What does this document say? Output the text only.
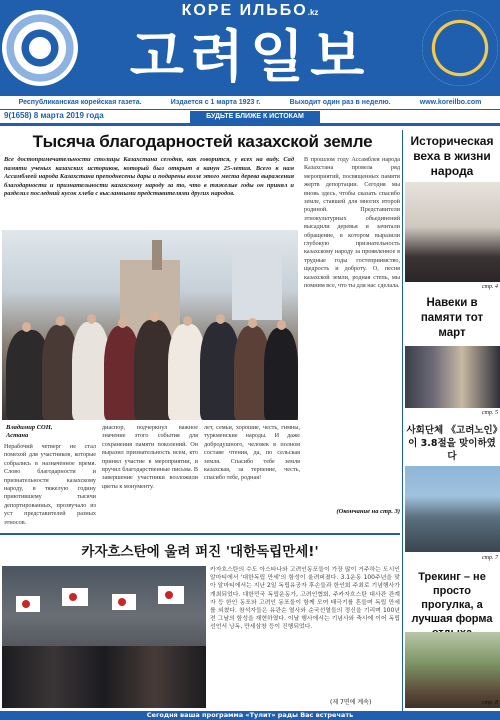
КОРЕ ИЛЬБО.kz
고려일보
Республиканская корейская газета.	Издается с 1 марта 1923 г.	Выходит один раз в неделю.	www.koreilbo.com
9(1658) 8 марта 2019 года	БУДЬТЕ БЛИЖЕ К ИСТОКАМ
Тысяча благодарностей казахской земле
Все достопримечательности столицы Казахстана сегодня, как говорится, у всех на виду. Сад памяти ученых казахских историков, который был открыт в канун 25-летия. Всего к нам Ассамблеей народа Казахстана преподнесены дары и подарены возле этого места дерева выражения благодарности и признательности казахскому народу за то, что в тяжелые годы он принял и разделил последний кусок хлеба с высланными представителями других народов.
В прошлом году Ассамблея народа Казахстана провела ряд мероприятий, посвященных памяти жертв депортации. Сегодня мы вновь здесь, чтобы сказать спасибо земле, ставшей для многих второй родиной. Представители этнокультурных объединений высадили деревья и зачитали обращение, в котором выразили глубокую признательность казахскому народу за проявленное в трудные годы гостеприимство, щедрость и доброту. О, песня казахской земли, родная степь, мы помним все, что ты для нас сделала.
(Окончание на стр. 3)
Владимир СОН,
Астана
Нерабочий четверг не стал помехой для участников, которые собрались в назначенное время. Слово благодарности и признательности казахскому народу, в тяжелую годину приютившему тысячи депортированных, прозвучало из уст представителей разных этносов.
диаспор, подчеркнул важное значение этого события для сохранения памяти поколений. Он выразил признательность всем, кто принял участие в мероприятии, и вручил благодарственные письма. В завершение участники возложили цветы к монументу.
лет, семьи, хорошие, честь, гимны, туркменские народы. И даже добродушного, человек в полном составе чтения, да, по сельская земля. Спасибо тебе земля казахская, за терпение, честь, спасибо тебе, родная!
Историческая веха в жизни народа
стр. 4
Навеки в памяти тот март
стр. 5
사회단체 《고려노인》이 3.8절을 맞이하였다
стр. 7
Трекинг – не просто прогулка, а лучшая форма
стр. 8
카자흐스탄에 울려 퍼진 '대한독립만세!'
카자흐스탄의 수도 아스타나와 고려인동포들이 가장 많이 거주하는 도시인 알마티에서 '대한독립 만세'의 함성이 울려퍼졌다. 3.1운동 100주년을 맞아 알마티에서는 지난 2일 독립유공자 후손들과 한인회 주최로 기념행사가 개최되었다. 대한민국 독립운동가, 고려인협회, 주카자흐스탄 대사관 관계자 등 한인 동포와 고려인 동포들이 함께 모여 태극기를 흔들며 독립 만세를 외쳤다. 참석자들은 유관순 열사와 순국선열들의 정신을 기리며 100년 전 그날의 함성을 재현하였다. 이날 행사에서는 기념사와 축사에 이어 독립선언서 낭독, 만세삼창 등이 진행되었다.
(제 7면에 계속)
Сегодня ваша программа «Тулит» рады Вас встречать
